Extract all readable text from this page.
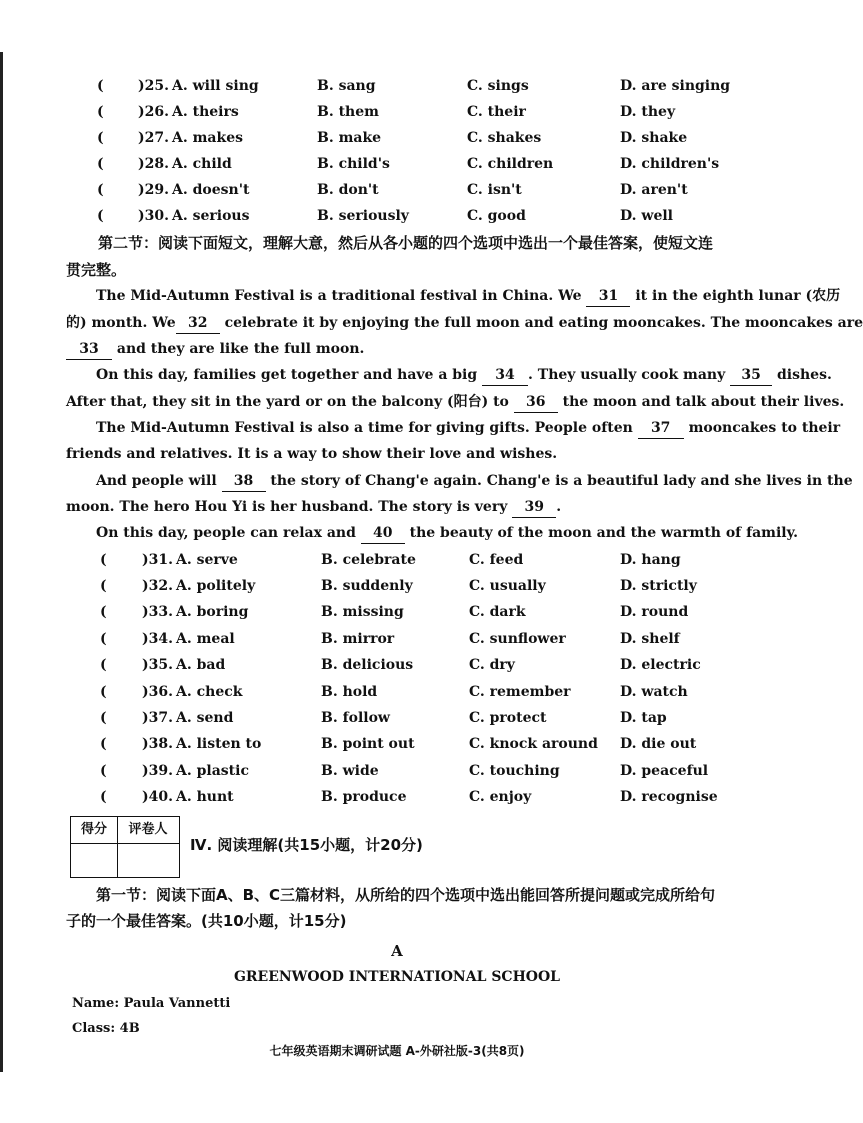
( )25. A. will sing	B. sang	C. sings	D. are singing
( )26. A. theirs	B. them	C. their	D. they
( )27. A. makes	B. make	C. shakes	D. shake
( )28. A. child	B. child's	C. children	D. children's
( )29. A. doesn't	B. don't	C. isn't	D. aren't
( )30. A. serious	B. seriously	C. good	D. well
第二节：阅读下面短文，理解大意，然后从各小题的四个选项中选出一个最佳答案，使短文连
贯完整。
The Mid-Autumn Festival is a traditional festival in China. We 31 it in the eighth lunar (农历
的) month. We 32 celebrate it by enjoying the full moon and eating mooncakes. The mooncakes are
33 and they are like the full moon.
On this day, families get together and have a big 34 . They usually cook many 35 dishes.
After that, they sit in the yard or on the balcony (阳台) to 36 the moon and talk about their lives.
The Mid-Autumn Festival is also a time for giving gifts. People often 37 mooncakes to their
friends and relatives. It is a way to show their love and wishes.
And people will 38 the story of Chang'e again. Chang'e is a beautiful lady and she lives in the
moon. The hero Hou Yi is her husband. The story is very 39 .
On this day, people can relax and 40 the beauty of the moon and the warmth of family.
(	)31. A. serve	B. celebrate	C. feed	D. hang
(	)32. A. politely	B. suddenly	C. usually	D. strictly
(	)33. A. boring	B. missing	C. dark	D. round
(	)34. A. meal	B. mirror	C. sunflower	D. shelf
(	)35. A. bad	B. delicious	C. dry	D. electric
(	)36. A. check	B. hold	C. remember	D. watch
(	)37. A. send	B. follow	C. protect	D. tap
(	)38. A. listen to	B. point out	C. knock around D. die out
(	)39. A. plastic	B. wide	C. touching	D. peaceful
(	)40. A. hunt	B. produce	C. enjoy	D. recognise
得分	评卷人
Ⅳ. 阅读理解(共15小题，计20分)
第一节：阅读下面A、B、C三篇材料，从所给的四个选项中选出能回答所提问题或完成所给句
子的一个最佳答案。(共10小题，计15分)
A
GREENWOOD INTERNATIONAL SCHOOL
Name: Paula Vannetti
Class: 4B
七年级英语期末调研试题 A-外研社版-3(共8页)
